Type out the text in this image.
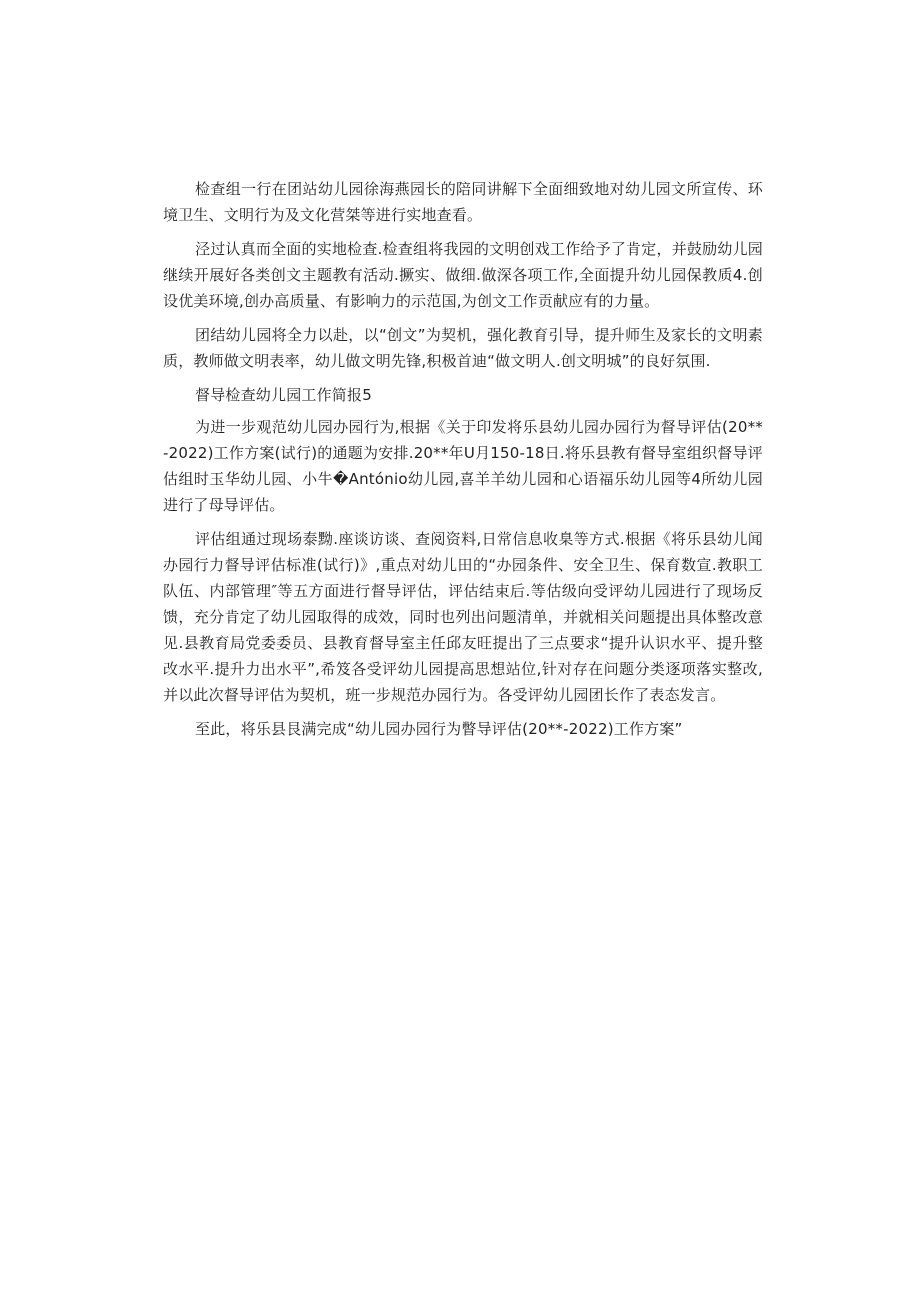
检查组一行在团站幼儿园徐海燕园长的陪同讲解下全面细致地对幼儿园文所宣传、环境卫生、文明行为及文化营桀等进行实地查看。

泾过认真而全面的实地检查.检查组将我园的文明创戏工作给予了肯定，并鼓励幼儿园继续开展好各类创文主题教有活动.撅实、做细.做深各项工作,全面提升幼儿园保教质4.创设优美环境,创办高质量、有影响力的示范国,为创文工作贡献应有的力量。

团结幼儿园将全力以赴，以“创文”为契机，强化教育引导，提升师生及家长的文明素质，教师做文明表率，幼儿做文明先锋,积极首迪“做文明人.创文明城”的良好氛围.

督导检查幼儿园工作简报5

为进一步观范幼儿园办园行为,根据《关于印发将乐县幼儿园办园行为督导评估(20**-2022)工作方案(试行)的通题为安排.20**年U月150-18日.将乐县教有督导室组织督导评估组时玉华幼儿园、小牛�António幼儿园,喜羊羊幼儿园和心语福乐幼儿园等4所幼儿园进行了母导评估。

评估组通过现场泰黝.座谈访谈、查阅资料,日常信息收臬等方式.根据《将乐县幼儿闻办园行力督导评估标准(试行)》,重点对幼儿田的“办园条件、安全卫生、保育数宣.教职工队伍、内部管理″等五方面进行督导评估，评估结束后.等估级向受评幼儿园进行了现场反馈，充分肯定了幼儿园取得的成效，同时也列出问题清单，并就相关问题提出具体整改意见.县教育局党委委员、县教育督导室主任邱友旺提出了三点要求“提升认识水平、提升整改水平.提升力出水平”,希笈各受评幼儿园提高思想站位,针对存在问题分类逐项落实整改,并以此次督导评估为契机，班一步规范办园行为。各受评幼儿园团长作了表态发言。

至此，将乐县艮满完成“幼儿园办园行为瞥导评估(20**-2022)工作方案”
